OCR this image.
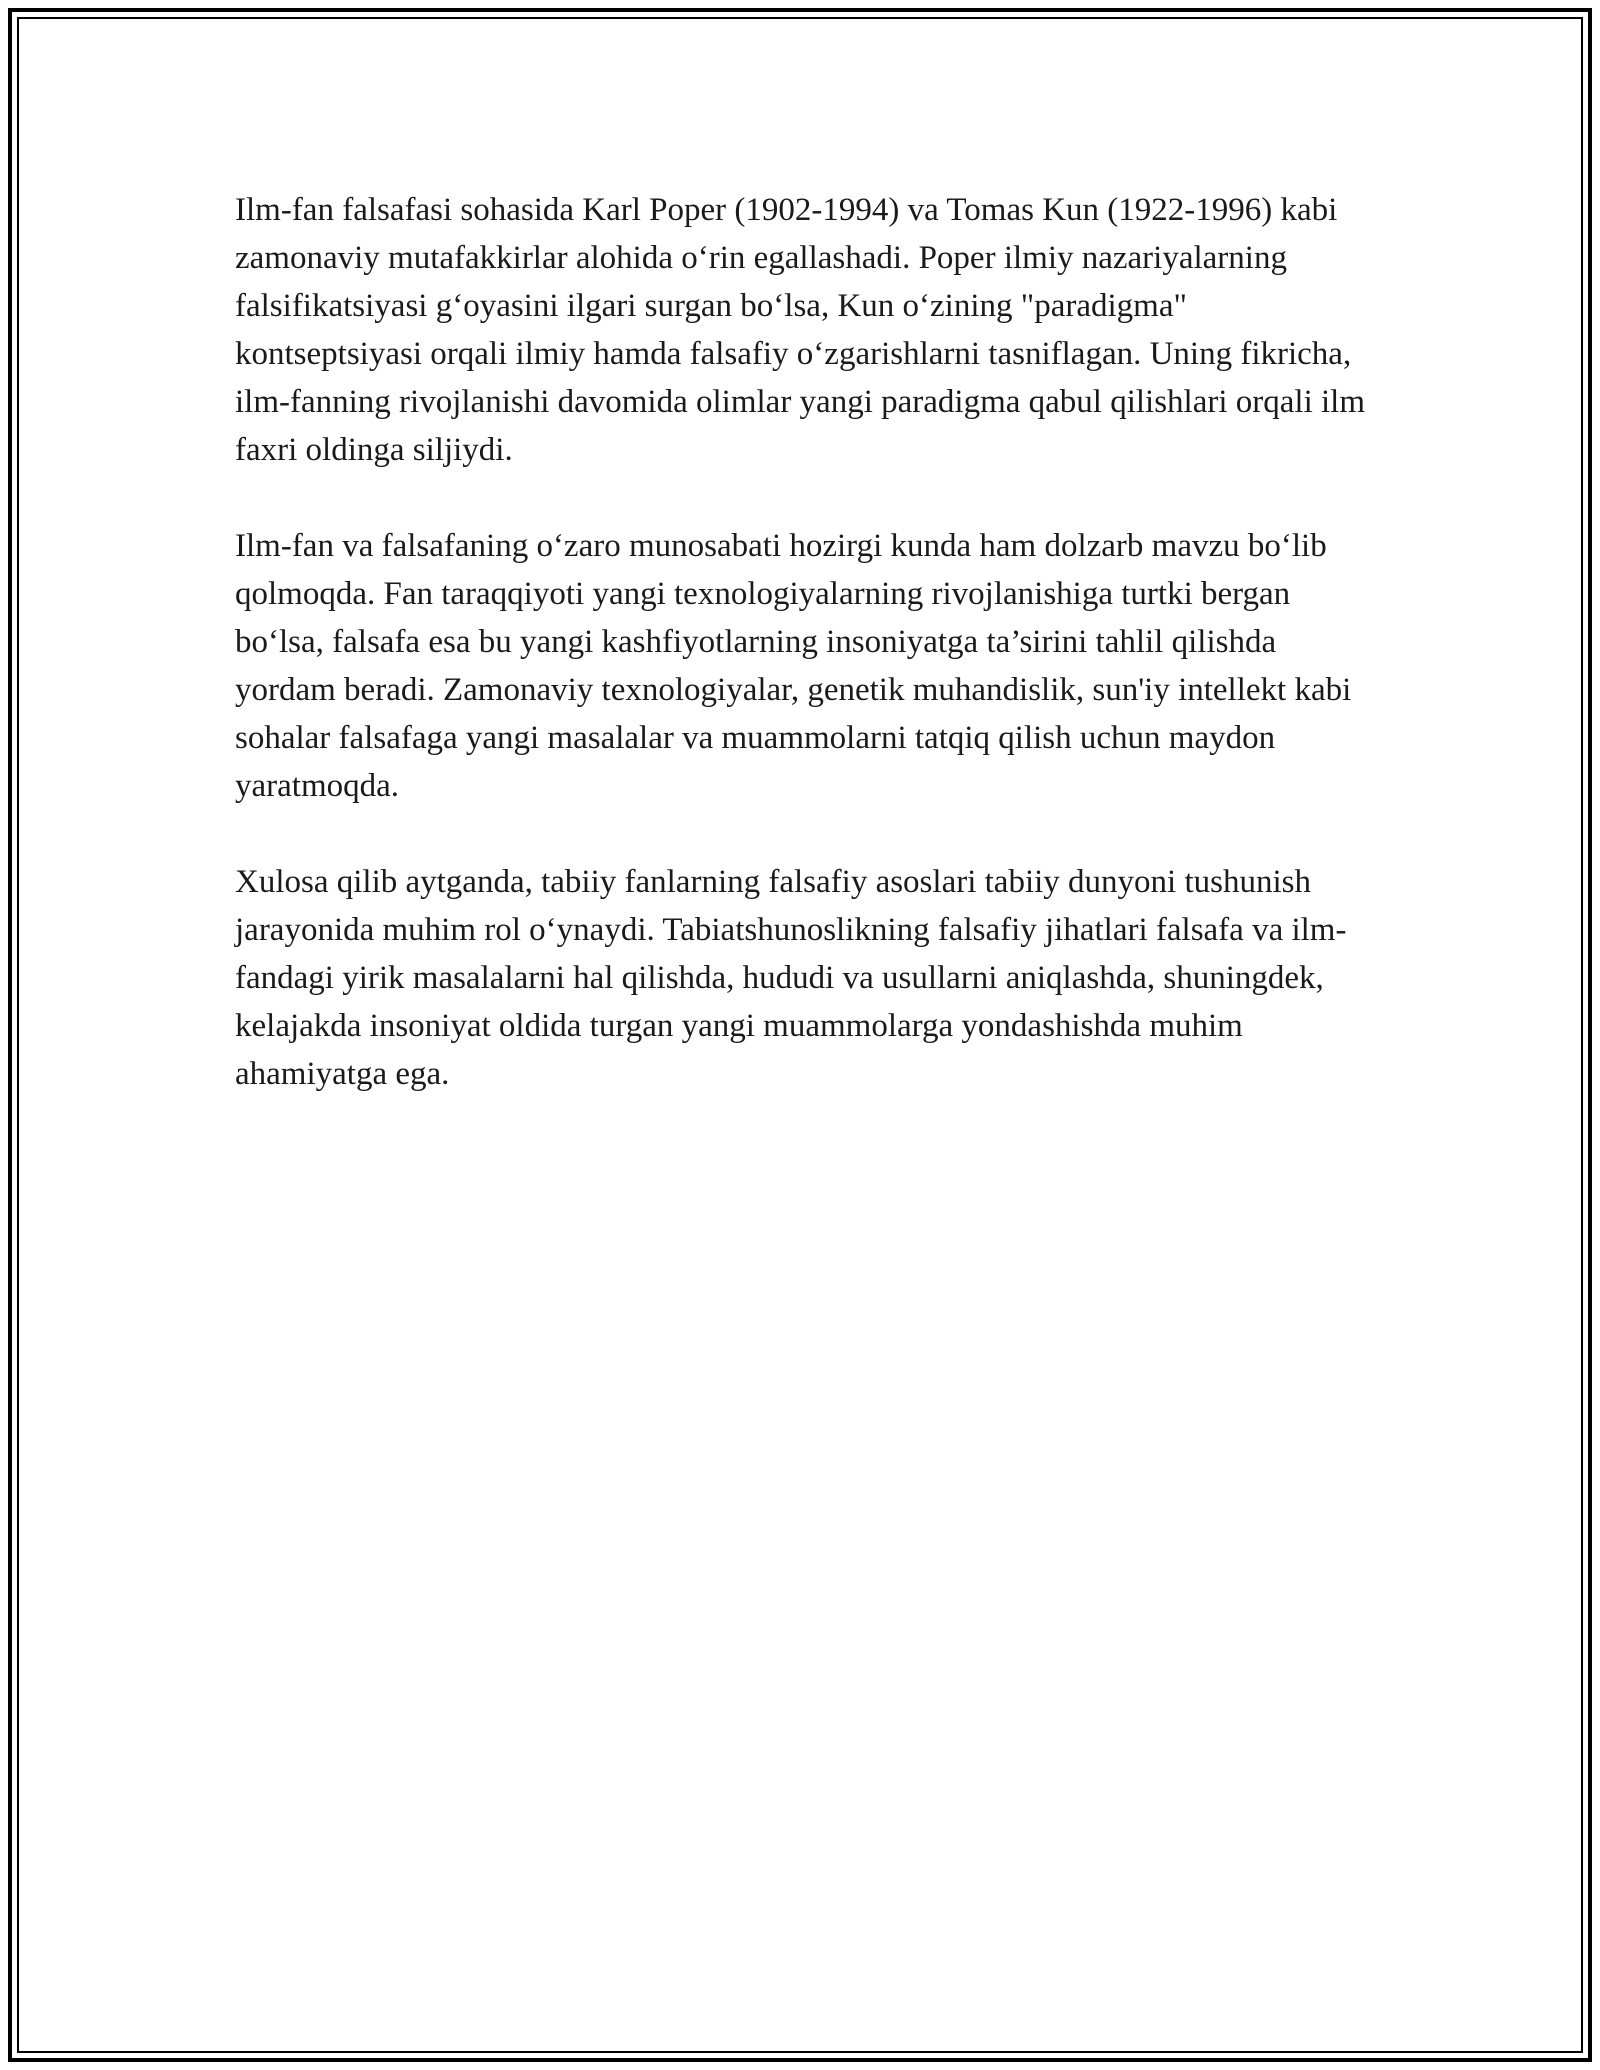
Ilm-fan falsafasi sohasida Karl Poper (1902-1994) va Tomas Kun (1922-1996) kabi zamonaviy mutafakkirlar alohida o‘rin egallashadi. Poper ilmiy nazariyalarning falsifikatsiyasi g‘oyasini ilgari surgan bo‘lsa, Kun o‘zining "paradigma" kontseptsiyasi orqali ilmiy hamda falsafiy o‘zgarishlarni tasniflagan. Uning fikricha, ilm-fanning rivojlanishi davomida olimlar yangi paradigma qabul qilishlari orqali ilm faxri oldinga siljiydi.

Ilm-fan va falsafaning o‘zaro munosabati hozirgi kunda ham dolzarb mavzu bo‘lib qolmoqda. Fan taraqqiyoti yangi texnologiyalarning rivojlanishiga turtki bergan bo‘lsa, falsafa esa bu yangi kashfiyotlarning insoniyatga ta’sirini tahlil qilishda yordam beradi. Zamonaviy texnologiyalar, genetik muhandislik, sun'iy intellekt kabi sohalar falsafaga yangi masalalar va muammolarni tatqiq qilish uchun maydon yaratmoqda.

Xulosa qilib aytganda, tabiiy fanlarning falsafiy asoslari tabiiy dunyoni tushunish jarayonida muhim rol o‘ynaydi. Tabiatshunoslikning falsafiy jihatlari falsafa va ilm-fandagi yirik masalalarni hal qilishda, hududi va usullarni aniqlashda, shuningdek, kelajakda insoniyat oldida turgan yangi muammolarga yondashishda muhim ahamiyatga ega.
